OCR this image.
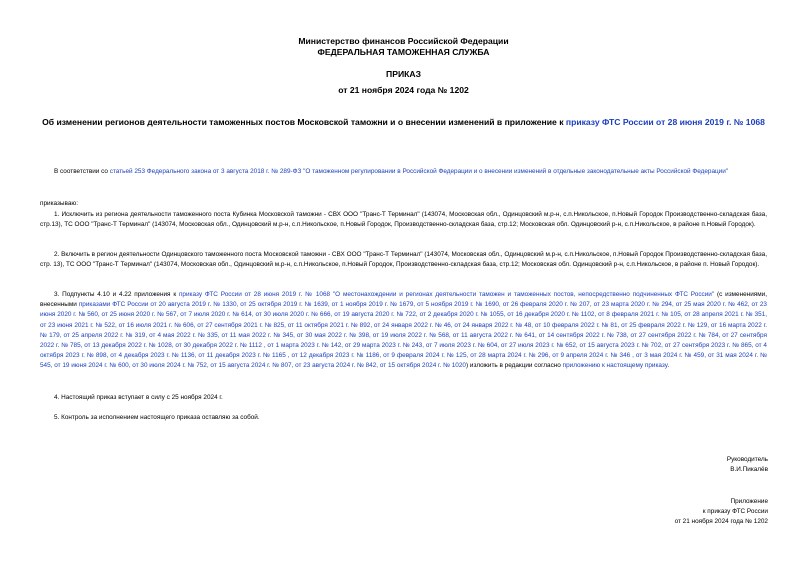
Министерство финансов Российской Федерации
ФЕДЕРАЛЬНАЯ ТАМОЖЕННАЯ СЛУЖБА
ПРИКАЗ
от 21 ноября 2024 года № 1202
Об изменении регионов деятельности таможенных постов Московской таможни и о внесении изменений в приложение к приказу ФТС России от 28 июня 2019 г. № 1068
В соответствии со статьей 253 Федерального закона от 3 августа 2018 г. № 289-ФЗ "О таможенном регулировании в Российской Федерации и о внесении изменений в отдельные законодательные акты Российской Федерации"
приказываю:
1. Исключить из региона деятельности таможенного поста Кубинка Московской таможни - СВХ ООО "Транс-Т Терминал" (143074, Московская обл., Одинцовский м.р-н, с.п.Никольское, п.Новый Городок Производственно-складская база, стр.13), ТС ООО "Транс-Т Терминал" (143074, Московская обл., Одинцовский м.р-н, с.п.Никольское, п.Новый Городок, Производственно-складская база, стр.12; Московская обл. Одинцовский р-н, с.п.Никольское, в районе п.Новый Городок).
2. Включить в регион деятельности Одинцовского таможенного поста Московской таможни - СВХ ООО "Транс-Т Терминал" (143074, Московская обл., Одинцовский м.р-н, с.п.Никольское, п.Новый Городок Производственно-складская база, стр. 13), ТС ООО "Транс-Т Терминал" (143074, Московская обл., Одинцовский м.р-н, с.п.Никольское, п.Новый Городок, Производственно-складская база, стр.12; Московская обл. Одинцовский р-н, с.п.Никольское, в районе п. Новый Городок).
3. Подпункты 4.10 и 4.22 приложения к приказу ФТС России от 28 июня 2019 г. № 1068 "О местонахождении и регионах деятельности таможен и таможенных постов, непосредственно подчиненных ФТС России" (с изменениями, внесенными приказами ФТС России от 20 августа 2019 г. № 1330, от 25 октября 2019 г. № 1639, от 1 ноября 2019 г. № 1679, от 5 ноября 2019 г. № 1690, от 26 февраля 2020 г. № 207, от 23 марта 2020 г. № 294, от 25 мая 2020 г. № 462, от 23 июня 2020 г. № 560, от 25 июня 2020 г. № 567, от 7 июля 2020 г. № 614, от 30 июля 2020 г. № 666, от 19 августа 2020 г. № 722, от 2 декабря 2020 г. № 1055, от 16 декабря 2020 г. № 1102, от 8 февраля 2021 г. № 105, от 28 апреля 2021 г. № 351, от 23 июня 2021 г. № 522, от 16 июля 2021 г. № 606, от 27 сентября 2021 г. № 825, от 11 октября 2021 г. № 892, от 24 января 2022 г. № 46, от 24 января 2022 г. № 48, от 10 февраля 2022 г. № 81, от 25 февраля 2022 г. № 129, от 16 марта 2022 г. № 179, от 25 апреля 2022 г. № 319, от 4 мая 2022 г. № 335, от 11 мая 2022 г. № 345, от 30 мая 2022 г. № 398, от 19 июля 2022 г. № 568, от 11 августа 2022 г. № 641, от 14 сентября 2022 г. № 738, от 27 сентября 2022 г. № 784, от 27 сентября 2022 г. № 785, от 13 декабря 2022 г. № 1028, от 30 декабря 2022 г. № 1112 , от 1 марта 2023 г. № 142, от 29 марта 2023 г. № 243, от 7 июля 2023 г. № 604, от 27 июля 2023 г. № 652, от 15 августа 2023 г. № 702, от 27 сентября 2023 г. № 865, от 4 октября 2023 г. № 898, от 4 декабря 2023 г. № 1136, от 11 декабря 2023 г. № 1165 , от 12 декабря 2023 г. № 1186, от 9 февраля 2024 г. № 125, от 28 марта 2024 г. № 296, от 9 апреля 2024 г. № 346 , от 3 мая 2024 г. № 459, от 31 мая 2024 г. № 545, от 19 июня 2024 г. № 600, от 30 июля 2024 г. № 752, от 15 августа 2024 г. № 807, от 23 августа 2024 г. № 842, от 15 октября 2024 г. № 1020) изложить в редакции согласно приложению к настоящему приказу.
4. Настоящий приказ вступает в силу с 25 ноября 2024 г.
5. Контроль за исполнением настоящего приказа оставляю за собой.
Руководитель
В.И.Пикалёв
Приложение
к приказу ФТС России
от 21 ноября 2024 года № 1202
